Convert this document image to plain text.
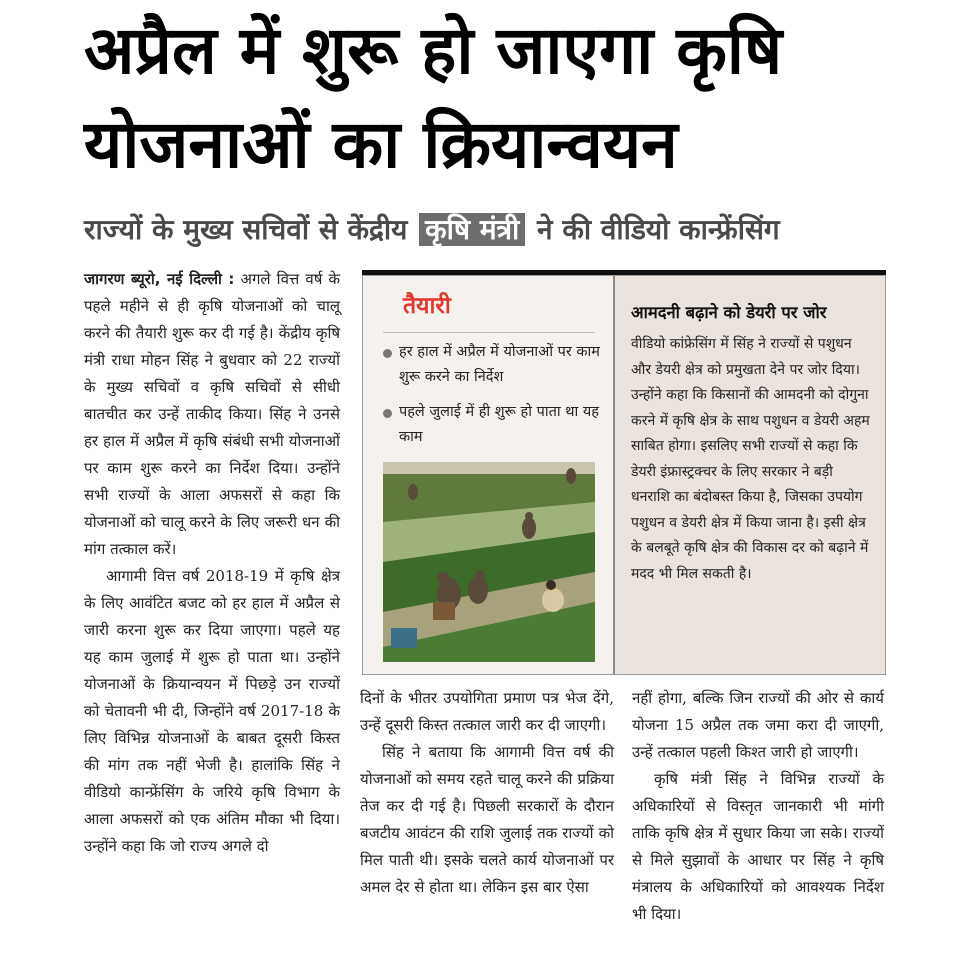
अप्रैल में शुरू हो जाएगा कृषि
योजनाओं का क्रियान्वयन
राज्यों के मुख्य सचिवों से केंद्रीय कृषि मंत्री ने की वीडियो कान्फ्रेंसिंग

जागरण ब्यूरो, नई दिल्ली : अगले वित्त वर्ष के पहले महीने से ही कृषि योजनाओं को चालू करने की तैयारी शुरू कर दी गई है। केंद्रीय कृषि मंत्री राधा मोहन सिंह ने बुधवार को 22 राज्यों के मुख्य सचिवों व कृषि सचिवों से सीधी बातचीत कर उन्हें ताकीद किया। सिंह ने उनसे हर हाल में अप्रैल में कृषि संबंधी सभी योजनाओं पर काम शुरू करने का निर्देश दिया। उन्होंने सभी राज्यों के आला अफसरों से कहा कि योजनाओं को चालू करने के लिए जरूरी धन की मांग तत्काल करें।

आगामी वित्त वर्ष 2018-19 में कृषि क्षेत्र के लिए आवंटित बजट को हर हाल में अप्रैल से जारी करना शुरू कर दिया जाएगा। पहले यह यह काम जुलाई में शुरू हो पाता था। उन्होंने योजनाओं के क्रियान्वयन में पिछड़े उन राज्यों को चेतावनी भी दी, जिन्होंने वर्ष 2017-18 के लिए विभिन्न योजनाओं के बाबत दूसरी किस्त की मांग तक नहीं भेजी है। हालांकि सिंह ने वीडियो कान्फ्रेंसिंग के जरिये कृषि विभाग के आला अफसरों को एक अंतिम मौका भी दिया। उन्होंने कहा कि जो राज्य अगले दो

तैयारी
हर हाल में अप्रैल में योजनाओं पर काम शुरू करने का निर्देश
पहले जुलाई में ही शुरू हो पाता था यह काम
आमदनी बढ़ाने को डेयरी पर जोर

वीडियो कांफ्रेसिंग में सिंह ने राज्यों से पशुधन और डेयरी क्षेत्र को प्रमुखता देने पर जोर दिया। उन्होंने कहा कि किसानों की आमदनी को दोगुना करने में कृषि क्षेत्र के साथ पशुधन व डेयरी अहम साबित होगा। इसलिए सभी राज्यों से कहा कि डेयरी इंफ्रास्ट्रक्चर के लिए सरकार ने बड़ी धनराशि का बंदोबस्त किया है, जिसका उपयोग पशुधन व डेयरी क्षेत्र में किया जाना है। इसी क्षेत्र के बलबूते कृषि क्षेत्र की विकास दर को बढ़ाने में मदद भी मिल सकती है।

दिनों के भीतर उपयोगिता प्रमाण पत्र भेज देंगे, उन्हें दूसरी किस्त तत्काल जारी कर दी जाएगी।

सिंह ने बताया कि आगामी वित्त वर्ष की योजनाओं को समय रहते चालू करने की प्रक्रिया तेज कर दी गई है। पिछली सरकारों के दौरान बजटीय आवंटन की राशि जुलाई तक राज्यों को मिल पाती थी। इसके चलते कार्य योजनाओं पर अमल देर से होता था। लेकिन इस बार ऐसा

नहीं होगा, बल्कि जिन राज्यों की ओर से कार्य योजना 15 अप्रैल तक जमा करा दी जाएगी, उन्हें तत्काल पहली किश्त जारी हो जाएगी।

कृषि मंत्री सिंह ने विभिन्न राज्यों के अधिकारियों से विस्तृत जानकारी भी मांगी ताकि कृषि क्षेत्र में सुधार किया जा सके। राज्यों से मिले सुझावों के आधार पर सिंह ने कृषि मंत्रालय के अधिकारियों को आवश्यक निर्देश भी दिया।
